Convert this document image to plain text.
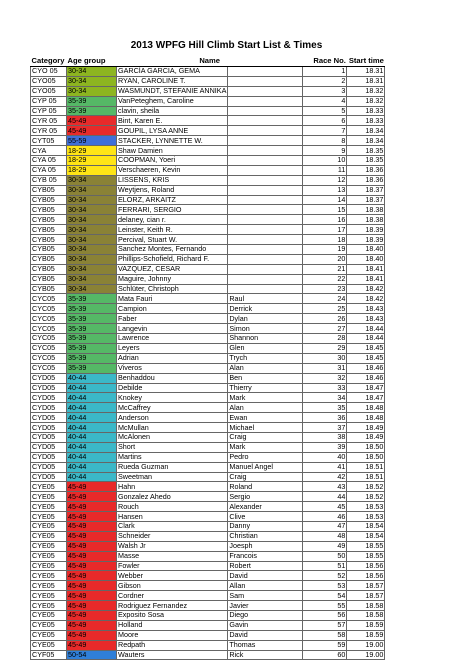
2013 WPFG Hill Climb Start List & Times
Category	Age group	Name		Race No.	Start time
CYO 05	30-34	GARCÍA GARCIA, GEMA		1	18.31
CYO05	30-34	RYAN, CAROLINE T.		2	18.31
CYO05	30-34	WASMUNDT, STEFANIE ANNIKA		3	18.32
CYP 05	35-39	VanPeteghem, Caroline		4	18.32
CYP 05	35-39	clavin, sheila		5	18.33
CYR 05	45-49	Bint, Karen E.		6	18.33
CYR 05	45-49	GOUPIL, LYSA ANNE		7	18.34
CYT05	55-59	STACKER, LYNNETTE W.		8	18.34
CYA	18-29	Shaw Damien		9	18.35
CYA 05	18-29	COOPMAN, Yoeri		10	18.35
CYA 05	18-29	Verschaeren, Kevin		11	18.36
CYB 05	30-34	LISSENS, KRIS		12	18.36
CYB05	30-34	Weytjens, Roland		13	18.37
CYB05	30-34	ELORZ, ARKAITZ		14	18.37
CYB05	30-34	FERRARI, SERGIO		15	18.38
CYB05	30-34	delaney, cian r.		16	18.38
CYB05	30-34	Leinster, Keith R.		17	18.39
CYB05	30-34	Percival, Stuart W.		18	18.39
CYB05	30-34	Sanchez Montes, Fernando		19	18.40
CYB05	30-34	Phillips-Schofield, Richard F.		20	18.40
CYB05	30-34	VAZQUEZ, CESAR		21	18.41
CYB05	30-34	Maguire, Johnny		22	18.41
CYB05	30-34	Schlüter, Christoph		23	18.42
CYC05	35-39	Mata Fauri	Raul	24	18.42
CYC05	35-39	Campion	Derrick	25	18.43
CYC05	35-39	Faber	Dylan	26	18.43
CYC05	35-39	Langevin	Simon	27	18.44
CYC05	35-39	Lawrence	Shannon	28	18.44
CYC05	35-39	Leyers	Glen	29	18.45
CYC05	35-39	Adrian	Trych	30	18.45
CYC05	35-39	Viveros	Alan	31	18.46
CYD05	40-44	Benhaddou	Ben	32	18.46
CYD05	40-44	Debilde	Thierry	33	18.47
CYD05	40-44	Knokey	Mark	34	18.47
CYD05	40-44	McCaffrey	Alan	35	18.48
CYD05	40-44	Anderson	Ewan	36	18.48
CYD05	40-44	McMullan	Michael	37	18.49
CYD05	40-44	McAlonen	Craig	38	18.49
CYD05	40-44	Short	Mark	39	18.50
CYD05	40-44	Martins	Pedro	40	18.50
CYD05	40-44	Rueda Guzman	Manuel Angel	41	18.51
CYD05	40-44	Sweetman	Craig	42	18.51
CYE05	45-49	Hahn	Roland	43	18.52
CYE05	45-49	Gonzalez Ahedo	Sergio	44	18.52
CYE05	45-49	Rouch	Alexander	45	18.53
CYE05	45-49	Hansen	Clive	46	18.53
CYE05	45-49	Clark	Danny	47	18.54
CYE05	45-49	Schneider	Christian	48	18.54
CYE05	45-49	Walsh Jr	Joesph	49	18.55
CYE05	45-49	Masse	Francois	50	18.55
CYE05	45-49	Fowler	Robert	51	18.56
CYE05	45-49	Webber	David	52	18.56
CYE05	45-49	Gibson	Allan	53	18.57
CYE05	45-49	Cordner	Sam	54	18.57
CYE05	45-49	Rodriguez Fernandez	Javier	55	18.58
CYE05	45-49	Exposito Sosa	Diego	56	18.58
CYE05	45-49	Holland	Gavin	57	18.59
CYE05	45-49	Moore	David	58	18.59
CYE05	45-49	Redpath	Thomas	59	19.00
CYF05	50-54	Wauters	Rick	60	19.00
